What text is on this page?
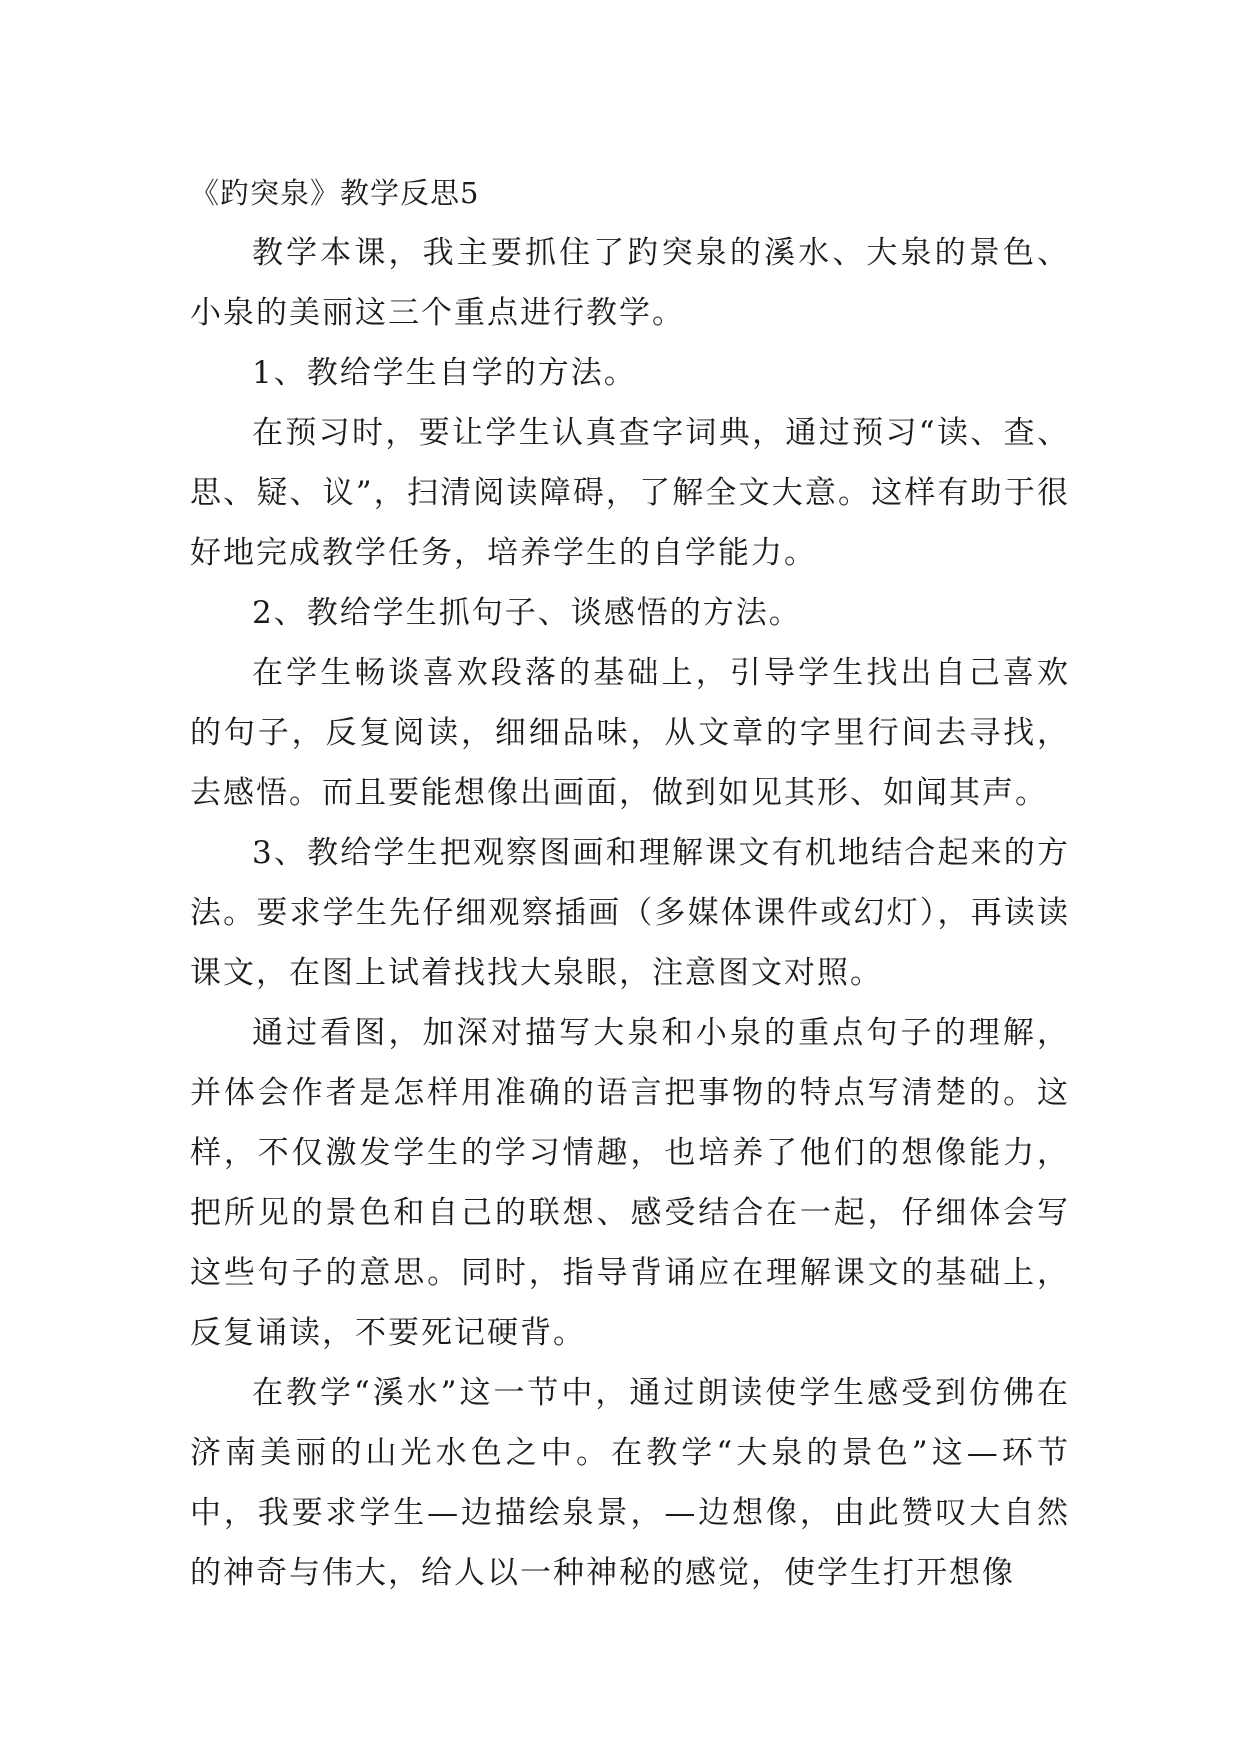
《趵突泉》教学反思5

教学本课，我主要抓住了趵突泉的溪水、大泉的景色、小泉的美丽这三个重点进行教学。

1、教给学生自学的方法。

在预习时，要让学生认真查字词典，通过预习“读、查、思、疑、议”，扫清阅读障碍，了解全文大意。这样有助于很好地完成教学任务，培养学生的自学能力。

2、教给学生抓句子、谈感悟的方法。

在学生畅谈喜欢段落的基础上，引导学生找出自己喜欢的句子，反复阅读，细细品味，从文章的字里行间去寻找，去感悟。而且要能想像出画面，做到如见其形、如闻其声。

3、教给学生把观察图画和理解课文有机地结合起来的方法。要求学生先仔细观察插画（多媒体课件或幻灯），再读读课文，在图上试着找找大泉眼，注意图文对照。

通过看图，加深对描写大泉和小泉的重点句子的理解，并体会作者是怎样用准确的语言把事物的特点写清楚的。这样，不仅激发学生的学习情趣，也培养了他们的想像能力，把所见的景色和自己的联想、感受结合在一起，仔细体会写这些句子的意思。同时，指导背诵应在理解课文的基础上，反复诵读，不要死记硬背。

在教学“溪水”这一节中，通过朗读使学生感受到仿佛在济南美丽的山光水色之中。在教学“大泉的景色”这—环节中，我要求学生—边描绘泉景，—边想像，由此赞叹大自然的神奇与伟大，给人以一种神秘的感觉，使学生打开想像
